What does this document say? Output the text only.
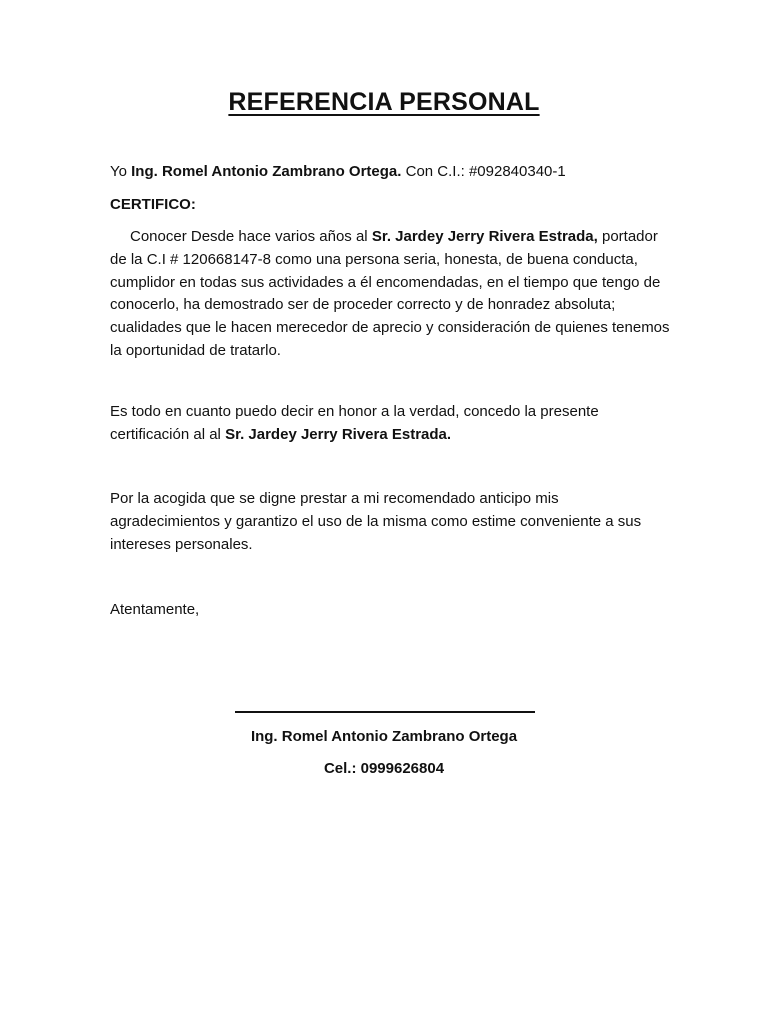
REFERENCIA PERSONAL
Yo Ing. Romel Antonio Zambrano Ortega. Con C.I.: #092840340-1
CERTIFICO:
Conocer Desde hace varios años al Sr. Jardey Jerry Rivera Estrada, portador de la C.I # 120668147-8 como una persona seria, honesta, de buena conducta, cumplidor en todas sus actividades a él encomendadas, en el tiempo que tengo de conocerlo, ha demostrado ser de proceder correcto y de honradez absoluta; cualidades que le hacen merecedor de aprecio y consideración de quienes tenemos la oportunidad de tratarlo.
Es todo en cuanto puedo decir en honor a la verdad, concedo la presente certificación al al Sr. Jardey Jerry Rivera Estrada.
Por la acogida que se digne prestar a mi recomendado anticipo mis agradecimientos y garantizo el uso de la misma como estime conveniente a sus intereses personales.
Atentamente,
Ing. Romel Antonio Zambrano Ortega
Cel.: 0999626804
